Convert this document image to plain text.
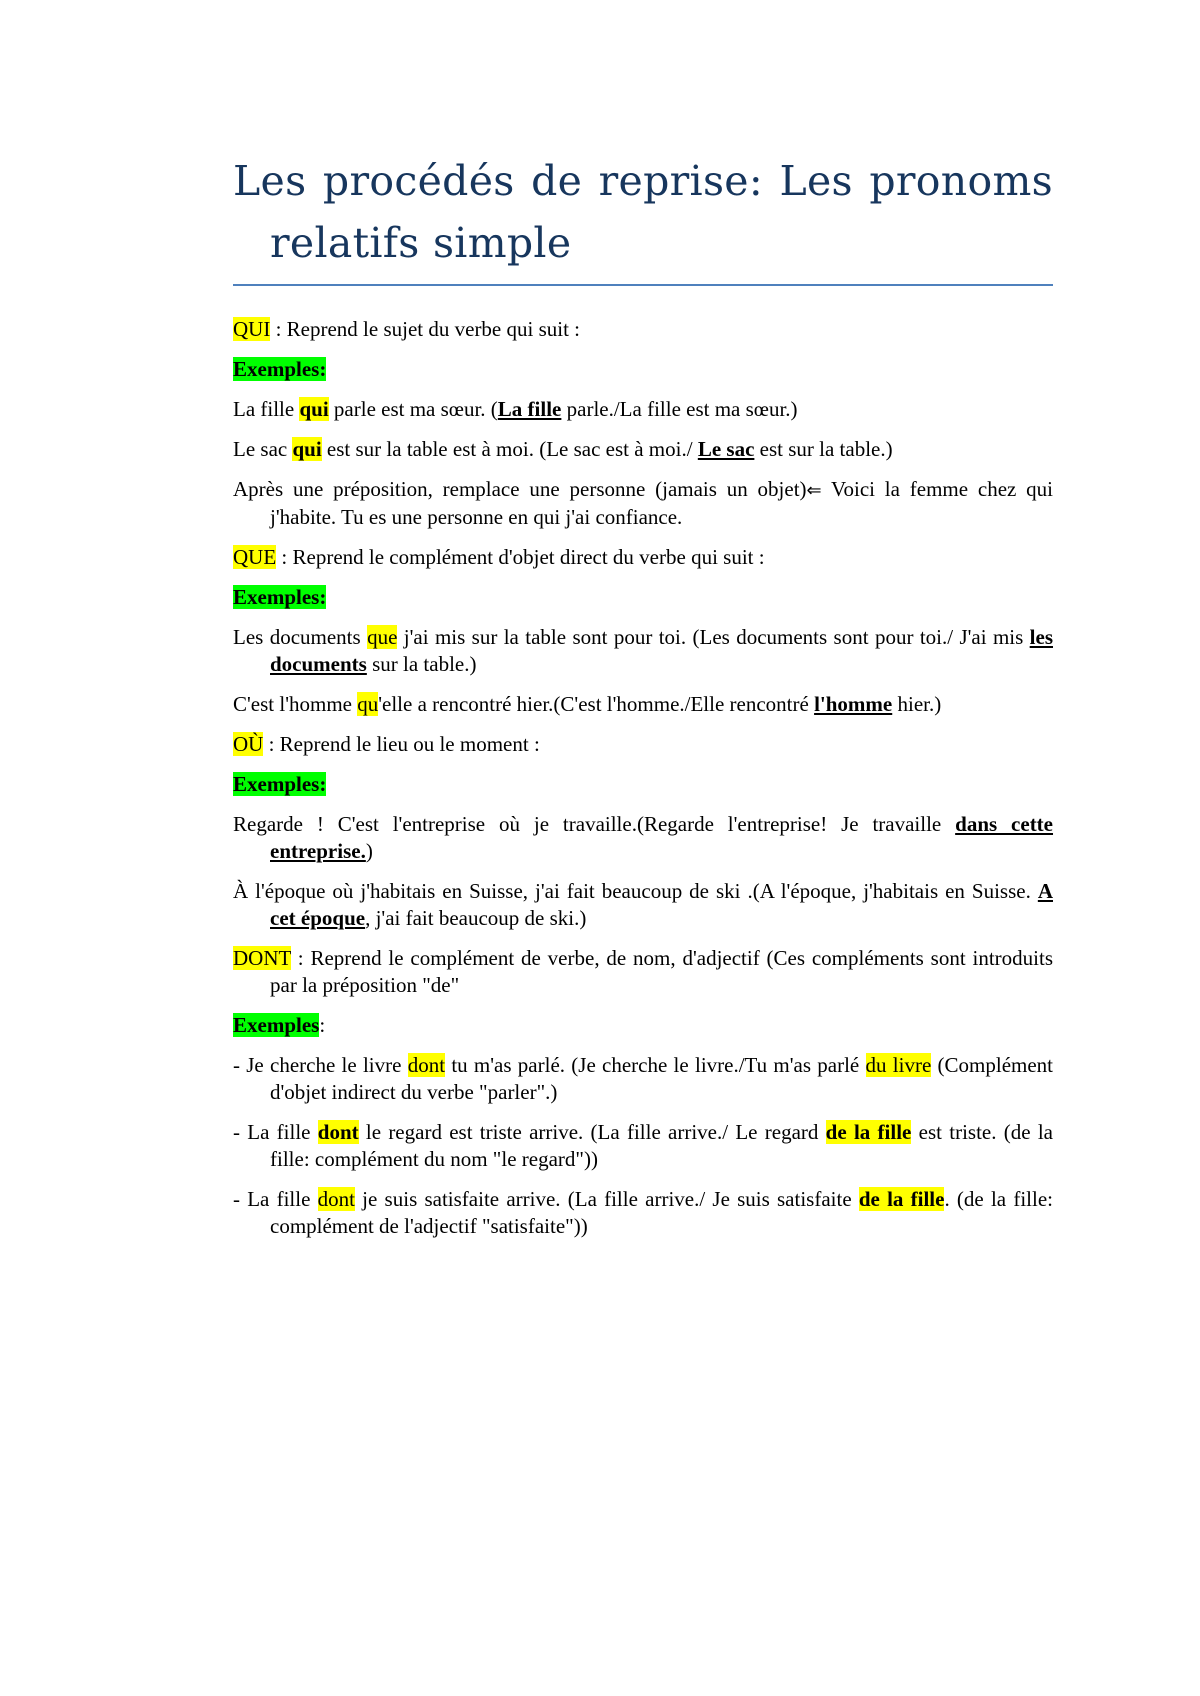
Les procédés de reprise: Les pronoms relatifs simple

QUI : Reprend le sujet du verbe qui suit :

Exemples:

La fille qui parle est ma sœur. (La fille parle./La fille est ma sœur.)

Le sac qui est sur la table est à moi. (Le sac est à moi./ Le sac est sur la table.)

Après une préposition, remplace une personne (jamais un objet)⇐ Voici la femme chez qui j'habite. Tu es une personne en qui j'ai confiance.

QUE : Reprend le complément d'objet direct du verbe qui suit :

Exemples:

Les documents que j'ai mis sur la table sont pour toi. (Les documents sont pour toi./ J'ai mis les documents sur la table.)

C'est l'homme qu'elle a rencontré hier.(C'est l'homme./Elle rencontré l'homme hier.)

OÙ : Reprend le lieu ou le moment :

Exemples:

Regarde ! C'est l'entreprise où je travaille.(Regarde l'entreprise! Je travaille dans cette entreprise.)

À l'époque où j'habitais en Suisse, j'ai fait beaucoup de ski .(A l'époque, j'habitais en Suisse. A cet époque, j'ai fait beaucoup de ski.)

DONT : Reprend le complément de verbe, de nom, d'adjectif (Ces compléments sont introduits par la préposition "de"

Exemples:

- Je cherche le livre dont tu m'as parlé. (Je cherche le livre./Tu m'as parlé du livre (Complément d'objet indirect du verbe "parler".)

- La fille dont le regard est triste arrive. (La fille arrive./ Le regard de la fille est triste. (de la fille: complément du nom "le regard"))

- La fille dont je suis satisfaite arrive. (La fille arrive./ Je suis satisfaite de la fille. (de la fille: complément de l'adjectif "satisfaite"))
